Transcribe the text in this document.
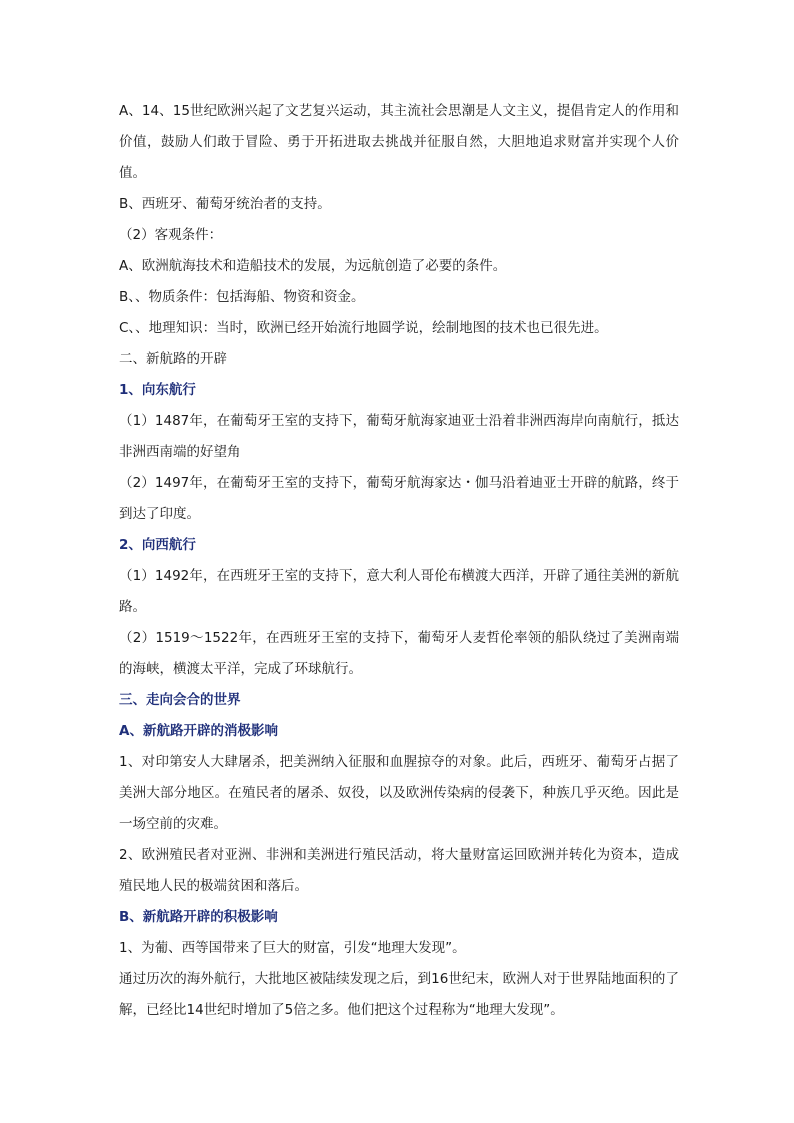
A、14、15世纪欧洲兴起了文艺复兴运动，其主流社会思潮是人文主义，提倡肯定人的作用和价值，鼓励人们敢于冒险、勇于开拓进取去挑战并征服自然，大胆地追求财富并实现个人价值。

B、西班牙、葡萄牙统治者的支持。

（2）客观条件：

A、欧洲航海技术和造船技术的发展，为远航创造了必要的条件。

B、、物质条件：包括海船、物资和资金。

C、、地理知识：当时，欧洲已经开始流行地圆学说，绘制地图的技术也已很先进。

二、新航路的开辟

1、向东航行

（1）1487年，在葡萄牙王室的支持下，葡萄牙航海家迪亚士沿着非洲西海岸向南航行，抵达非洲西南端的好望角

（2）1497年，在葡萄牙王室的支持下，葡萄牙航海家达・伽马沿着迪亚士开辟的航路，终于到达了印度。

2、向西航行

（1）1492年，在西班牙王室的支持下，意大利人哥伦布横渡大西洋，开辟了通往美洲的新航路。

（2）1519～1522年，在西班牙王室的支持下，葡萄牙人麦哲伦率领的船队绕过了美洲南端的海峡，横渡太平洋，完成了环球航行。

三、走向会合的世界

A、新航路开辟的消极影响

1、对印第安人大肆屠杀，把美洲纳入征服和血腥掠夺的对象。此后，西班牙、葡萄牙占据了美洲大部分地区。在殖民者的屠杀、奴役，以及欧洲传染病的侵袭下，种族几乎灭绝。因此是一场空前的灾难。

2、欧洲殖民者对亚洲、非洲和美洲进行殖民活动，将大量财富运回欧洲并转化为资本，造成殖民地人民的极端贫困和落后。

B、新航路开辟的积极影响

1、为葡、西等国带来了巨大的财富，引发“地理大发现”。

通过历次的海外航行，大批地区被陆续发现之后，到16世纪末，欧洲人对于世界陆地面积的了解，已经比14世纪时增加了5倍之多。他们把这个过程称为“地理大发现”。
